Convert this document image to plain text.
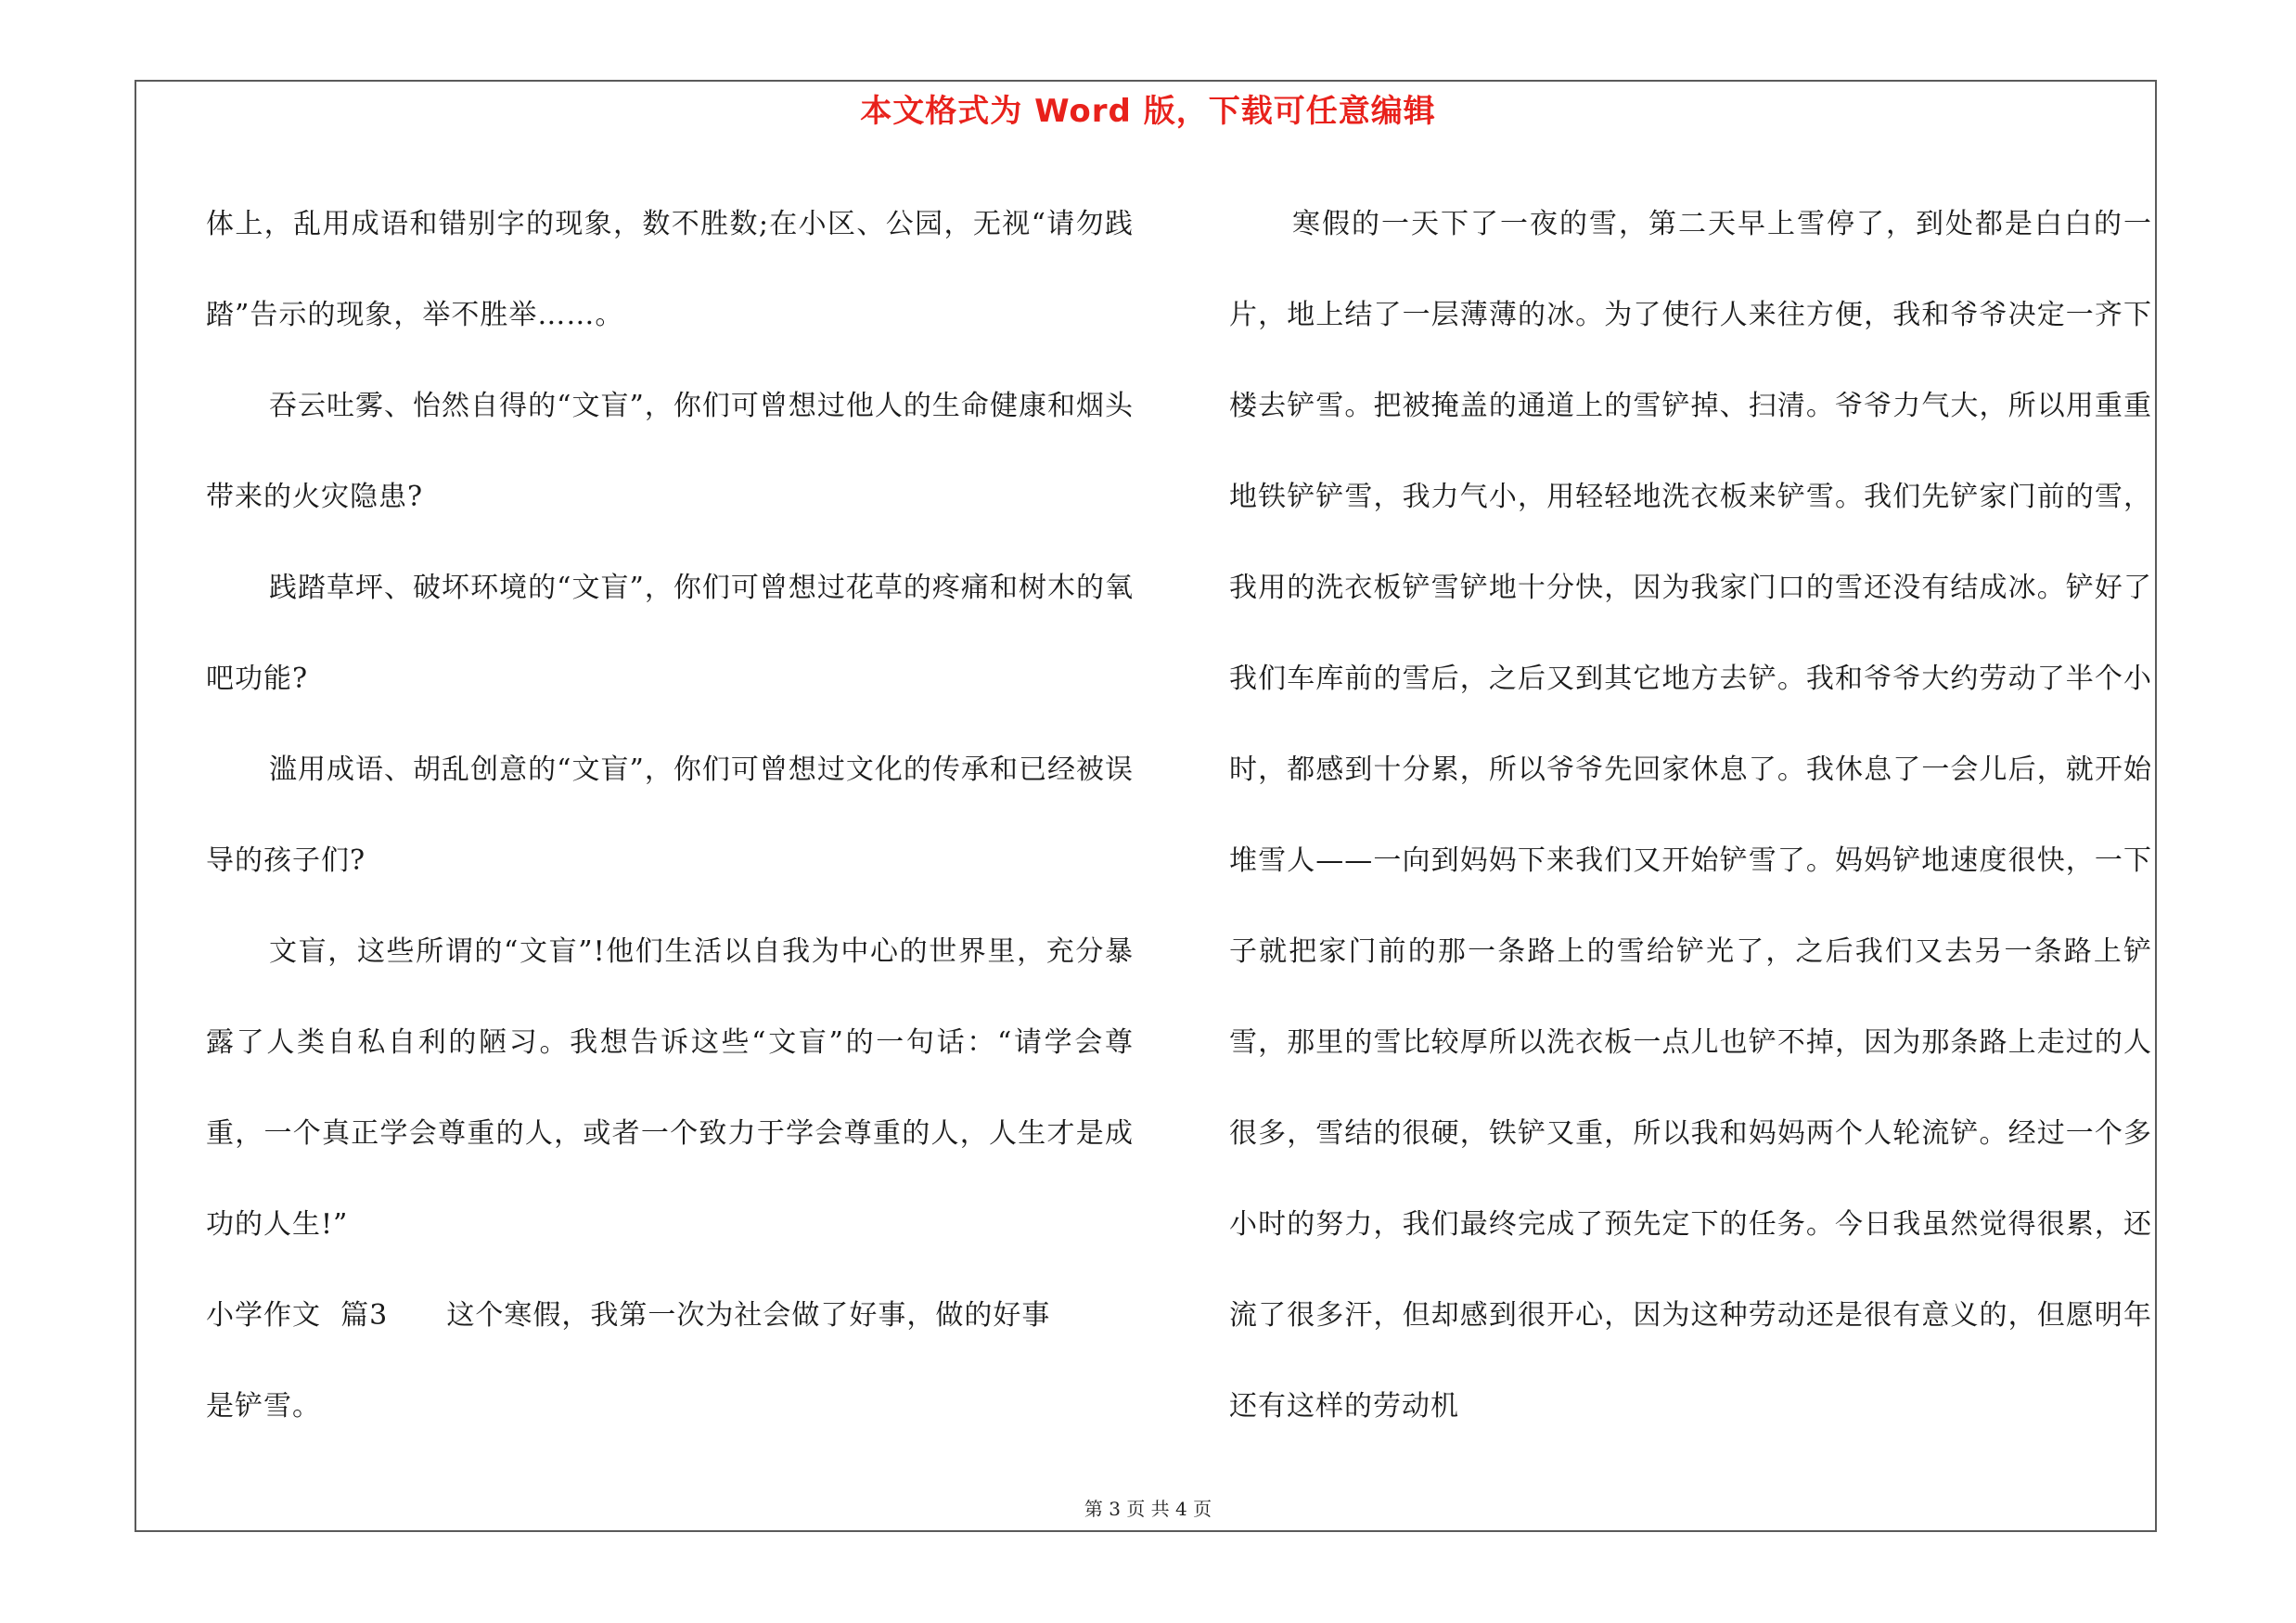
本文格式为 Word 版，下载可任意编辑

体上，乱用成语和错别字的现象，数不胜数;在小区、公园，无视“请勿践踏”告示的现象，举不胜举……。

吞云吐雾、怡然自得的“文盲”，你们可曾想过他人的生命健康和烟头带来的火灾隐患?

践踏草坪、破坏环境的“文盲”，你们可曾想过花草的疼痛和树木的氧吧功能?

滥用成语、胡乱创意的“文盲”，你们可曾想过文化的传承和已经被误导的孩子们?

文盲，这些所谓的“文盲”!他们生活以自我为中心的世界里，充分暴露了人类自私自利的陋习。我想告诉这些“文盲”的一句话：“请学会尊重，一个真正学会尊重的人，或者一个致力于学会尊重的人，人生才是成功的人生!”

小学作文  篇3 这个寒假，我第一次为社会做了好事，做的好事

是铲雪。

寒假的一天下了一夜的雪，第二天早上雪停了，到处都是白白的一片，地上结了一层薄薄的冰。为了使行人来往方便，我和爷爷决定一齐下楼去铲雪。把被掩盖的通道上的雪铲掉、扫清。爷爷力气大，所以用重重地铁铲铲雪，我力气小，用轻轻地洗衣板来铲雪。我们先铲家门前的雪，我用的洗衣板铲雪铲地十分快，因为我家门口的雪还没有结成冰。铲好了我们车库前的雪后，之后又到其它地方去铲。我和爷爷大约劳动了半个小时，都感到十分累，所以爷爷先回家休息了。我休息了一会儿后，就开始堆雪人——一向到妈妈下来我们又开始铲雪了。妈妈铲地速度很快，一下子就把家门前的那一条路上的雪给铲光了，之后我们又去另一条路上铲雪，那里的雪比较厚所以洗衣板一点儿也铲不掉，因为那条路上走过的人很多，雪结的很硬，铁铲又重，所以我和妈妈两个人轮流铲。经过一个多小时的努力，我们最终完成了预先定下的任务。今日我虽然觉得很累，还流了很多汗，但却感到很开心，因为这种劳动还是很有意义的，但愿明年还有这样的劳动机

第 3 页 共 4 页
